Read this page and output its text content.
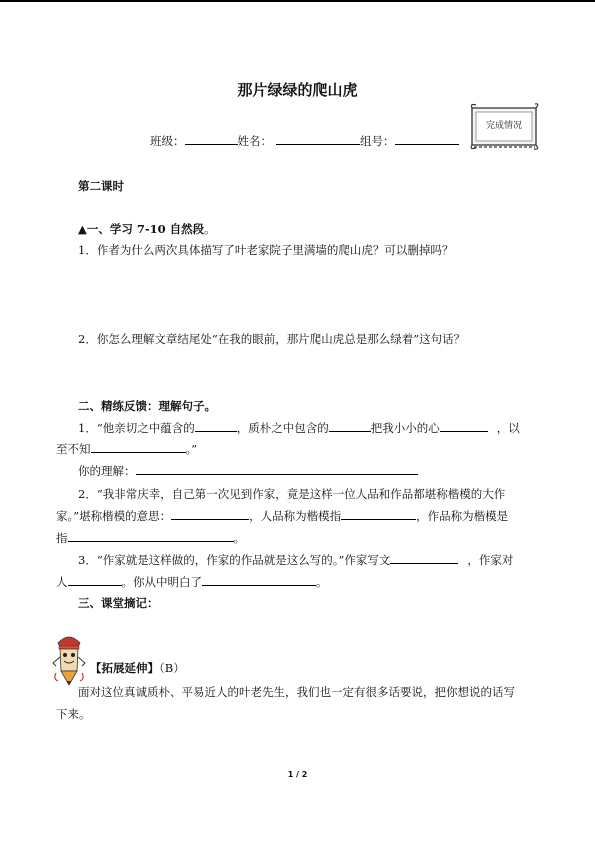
那片绿绿的爬山虎
班级：	姓名：	组号：
完成情况
第二课时
▲一、学习 7-10 自然段。
1．作者为什么两次具体描写了叶老家院子里满墙的爬山虎？可以删掉吗？
2．你怎么理解文章结尾处“在我的眼前，那片爬山虎总是那么绿着”这句话？
二、精练反馈：理解句子。
1．“他亲切之中蕴含的	，质朴之中包含的	把我小小的心	，以
至不知	。”
你的理解：
2．“我非常庆幸，自己第一次见到作家，竟是这样一位人品和作品都堪称楷模的大作
家。”堪称楷模的意思：	，人品称为楷模指	，作品称为楷模是
指	。
3．“作家就是这样做的，作家的作品就是这么写的。”作家写文	，作家对
人	。你从中明白了	。
三、课堂摘记：
【拓展延伸】（B）
面对这位真诚质朴、平易近人的叶老先生，我们也一定有很多话要说，把你想说的话写
下来。
1 / 2
